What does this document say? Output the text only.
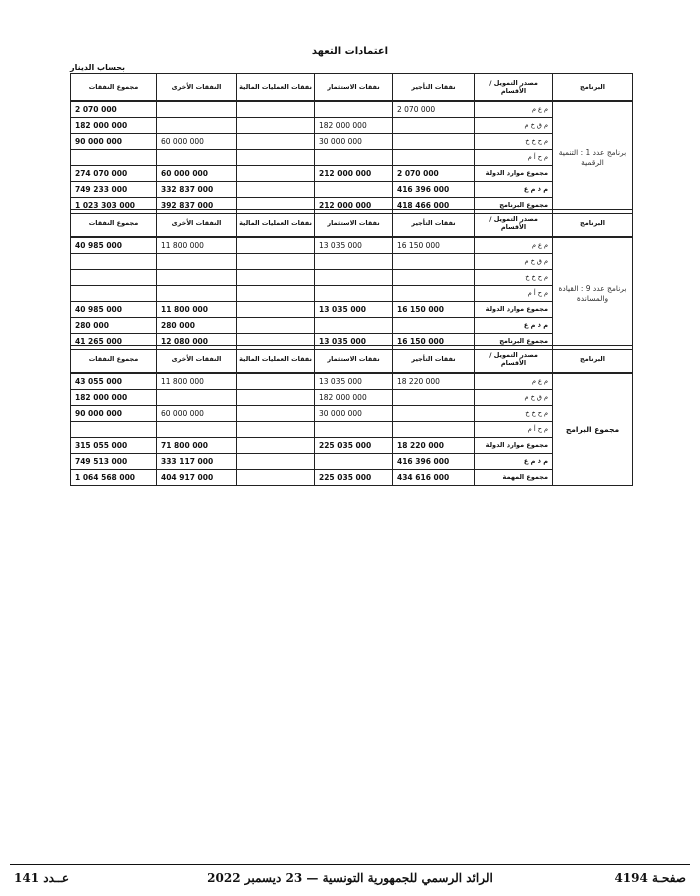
اعتمادات التعهد
بحساب الدينار
مجموع النفقات	النفقات الأخرى	نفقات العمليات المالية	نفقات الاستثمار	نفقات التأجير	مصدر التمويل / الأقسام	البرنامج
2 070 000				2 070 000	م ع م	برنامج عدد 1 : التنمية الرقمية
182 000 000			182 000 000		م ق خ م	
90 000 000	60 000 000		30 000 000		م ح خ خ	
					م ح أ م	
274 070 000	60 000 000		212 000 000	2 070 000	مجموع موارد الدولة	
749 233 000	332 837 000			416 396 000	م ذ م ع	
1 023 303 000	392 837 000		212 000 000	418 466 000	مجموع البرنامج	
مجموع النفقات	النفقات الأخرى	نفقات العمليات المالية	نفقات الاستثمار	نفقات التأجير	مصدر التمويل / الأقسام	البرنامج
40 985 000	11 800 000		13 035 000	16 150 000	م ع م	برنامج عدد 9 : القيادة والمساندة
					م ق خ م	
					م ح خ خ	
					م ح أ م	
40 985 000	11 800 000		13 035 000	16 150 000	مجموع موارد الدولة	
280 000	280 000				م ذ م ع	
41 265 000	12 080 000		13 035 000	16 150 000	مجموع البرنامج	
مجموع النفقات	النفقات الأخرى	نفقات العمليات المالية	نفقات الاستثمار	نفقات التأجير	مصدر التمويل / الأقسام	البرنامج
43 055 000	11 800 000		13 035 000	18 220 000	م ع م	مجموع البرامج
182 000 000			182 000 000		م ق خ م	
90 000 000	60 000 000		30 000 000		م ح خ خ	
					م ح أ م	
315 055 000	71 800 000		225 035 000	18 220 000	مجموع موارد الدولة	
749 513 000	333 117 000			416 396 000	م ذ م ع	
1 064 568 000	404 917 000		225 035 000	434 616 000	مجموع المهمة	
صفحـة 4194
الرائد الرسمي للجمهورية التونسية — 23 ديسمبر 2022
عــدد 141
